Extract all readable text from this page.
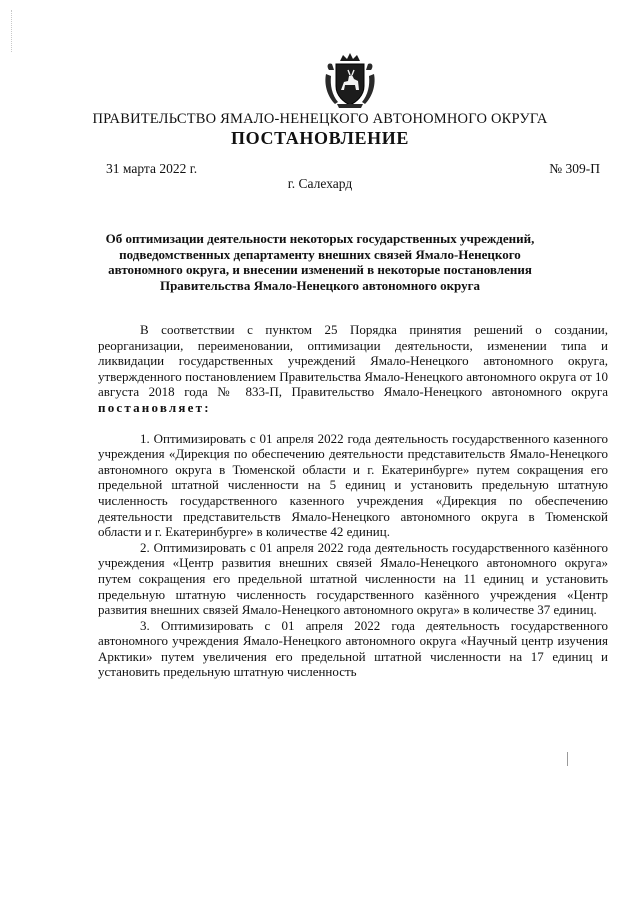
ПРАВИТЕЛЬСТВО ЯМАЛО-НЕНЕЦКОГО АВТОНОМНОГО ОКРУГА
ПОСТАНОВЛЕНИЕ
31 марта 2022 г.	№ 309-П
г. Салехард
Об оптимизации деятельности некоторых государственных учреждений, подведомственных департаменту внешних связей Ямало-Ненецкого автономного округа, и внесении изменений в некоторые постановления Правительства Ямало-Ненецкого автономного округа

В соответствии с пунктом 25 Порядка принятия решений о создании, реорганизации, переименовании, оптимизации деятельности, изменении типа и ликвидации государственных учреждений Ямало-Ненецкого автономного округа, утвержденного постановлением Правительства Ямало-Ненецкого автономного округа от 10 августа 2018 года № 833-П, Правительство Ямало-Ненецкого автономного округа постановляет:

1. Оптимизировать с 01 апреля 2022 года деятельность государственного казенного учреждения «Дирекция по обеспечению деятельности представительств Ямало-Ненецкого автономного округа в Тюменской области и г. Екатеринбурге» путем сокращения его предельной штатной численности на 5 единиц и установить предельную штатную численность государственного казенного учреждения «Дирекция по обеспечению деятельности представительств Ямало-Ненецкого автономного округа в Тюменской области и г. Екатеринбурге» в количестве 42 единиц.

2. Оптимизировать с 01 апреля 2022 года деятельность государственного казённого учреждения «Центр развития внешних связей Ямало-Ненецкого автономного округа» путем сокращения его предельной штатной численности на 11 единиц и установить предельную штатную численность государственного казённого учреждения «Центр развития внешних связей Ямало-Ненецкого автономного округа» в количестве 37 единиц.

3. Оптимизировать с 01 апреля 2022 года деятельность государственного автономного учреждения Ямало-Ненецкого автономного округа «Научный центр изучения Арктики» путем увеличения его предельной штатной численности на 17 единиц и установить предельную штатную численность
